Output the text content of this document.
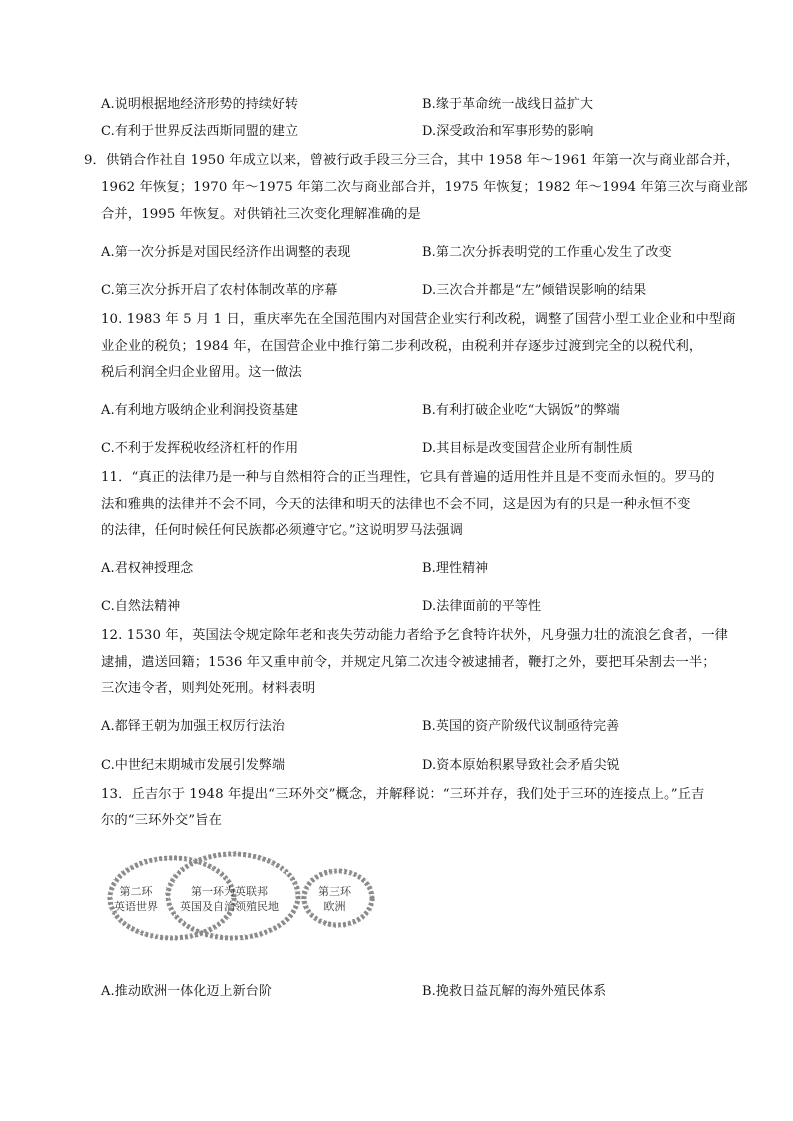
A.说明根据地经济形势的持续好转	B.缘于革命统一战线日益扩大
C.有利于世界反法西斯同盟的建立	D.深受政治和军事形势的影响
9．供销合作社自 1950 年成立以来，曾被行政手段三分三合，其中 1958 年～1961 年第一次与商业部合并，
1962 年恢复；1970 年～1975 年第二次与商业部合并，1975 年恢复；1982 年～1994 年第三次与商业部
合并，1995 年恢复。对供销社三次变化理解准确的是
A.第一次分拆是对国民经济作出调整的表现	B.第二次分拆表明党的工作重心发生了改变
C.第三次分拆开启了农村体制改革的序幕	D.三次合并都是“左”倾错误影响的结果
10. 1983 年 5 月 1 日，重庆率先在全国范围内对国营企业实行利改税，调整了国营小型工业企业和中型商
业企业的税负；1984 年，在国营企业中推行第二步利改税，由税利并存逐步过渡到完全的以税代利，
税后利润全归企业留用。这一做法
A.有利地方吸纳企业利润投资基建	B.有利打破企业吃“大锅饭”的弊端
C.不利于发挥税收经济杠杆的作用	D.其目标是改变国营企业所有制性质
11．“真正的法律乃是一种与自然相符合的正当理性，它具有普遍的适用性并且是不变而永恒的。罗马的
法和雅典的法律并不会不同，今天的法律和明天的法律也不会不同，这是因为有的只是一种永恒不变
的法律，任何时候任何民族都必须遵守它。”这说明罗马法强调
A.君权神授理念	B.理性精神
C.自然法精神	D.法律面前的平等性
12. 1530 年，英国法令规定除年老和丧失劳动能力者给予乞食特许状外，凡身强力壮的流浪乞食者，一律
逮捕，遣送回籍；1536 年又重申前令，并规定凡第二次违令被逮捕者，鞭打之外，要把耳朵割去一半；
三次违令者，则判处死刑。材料表明
A.都铎王朝为加强王权厉行法治	B.英国的资产阶级代议制亟待完善
C.中世纪末期城市发展引发弊端	D.资本原始积累导致社会矛盾尖锐
13．丘吉尔于 1948 年提出“三环外交”概念，并解释说：“三环并存，我们处于三环的连接点上。”丘吉
尔的“三环外交”旨在
第二环
英语世界
第一环为英联邦
英国及自治领殖民地
第三环
欧洲
A.推动欧洲一体化迈上新台阶	B.挽救日益瓦解的海外殖民体系
